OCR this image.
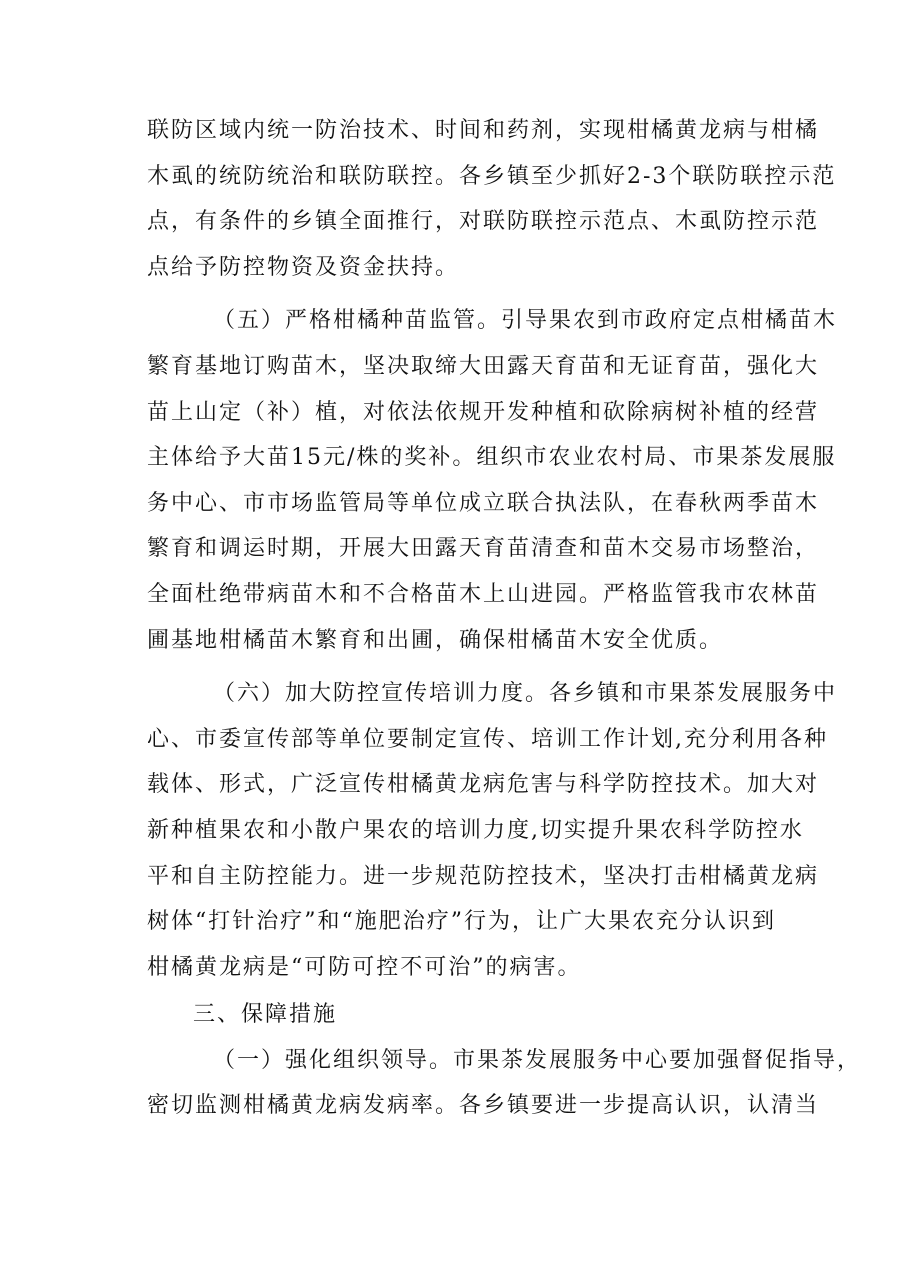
联防区域内统一防治技术、时间和药剂，实现柑橘黄龙病与柑橘
木虱的统防统治和联防联控。各乡镇至少抓好2-3个联防联控示范
点，有条件的乡镇全面推行，对联防联控示范点、木虱防控示范
点给予防控物资及资金扶持。
（五）严格柑橘种苗监管。引导果农到市政府定点柑橘苗木
繁育基地订购苗木，坚决取缔大田露天育苗和无证育苗，强化大
苗上山定（补）植，对依法依规开发种植和砍除病树补植的经营
主体给予大苗15元/株的奖补。组织市农业农村局、市果茶发展服
务中心、市市场监管局等单位成立联合执法队，在春秋两季苗木
繁育和调运时期，开展大田露天育苗清查和苗木交易市场整治，
全面杜绝带病苗木和不合格苗木上山进园。严格监管我市农林苗
圃基地柑橘苗木繁育和出圃，确保柑橘苗木安全优质。
（六）加大防控宣传培训力度。各乡镇和市果茶发展服务中
心、市委宣传部等单位要制定宣传、培训工作计划,充分利用各种
载体、形式，广泛宣传柑橘黄龙病危害与科学防控技术。加大对
新种植果农和小散户果农的培训力度,切实提升果农科学防控水
平和自主防控能力。进一步规范防控技术，坚决打击柑橘黄龙病
树体“打针治疗”和“施肥治疗”行为，让广大果农充分认识到
柑橘黄龙病是“可防可控不可治”的病害。
三、保障措施
（一）强化组织领导。市果茶发展服务中心要加强督促指导，
密切监测柑橘黄龙病发病率。各乡镇要进一步提高认识，认清当
